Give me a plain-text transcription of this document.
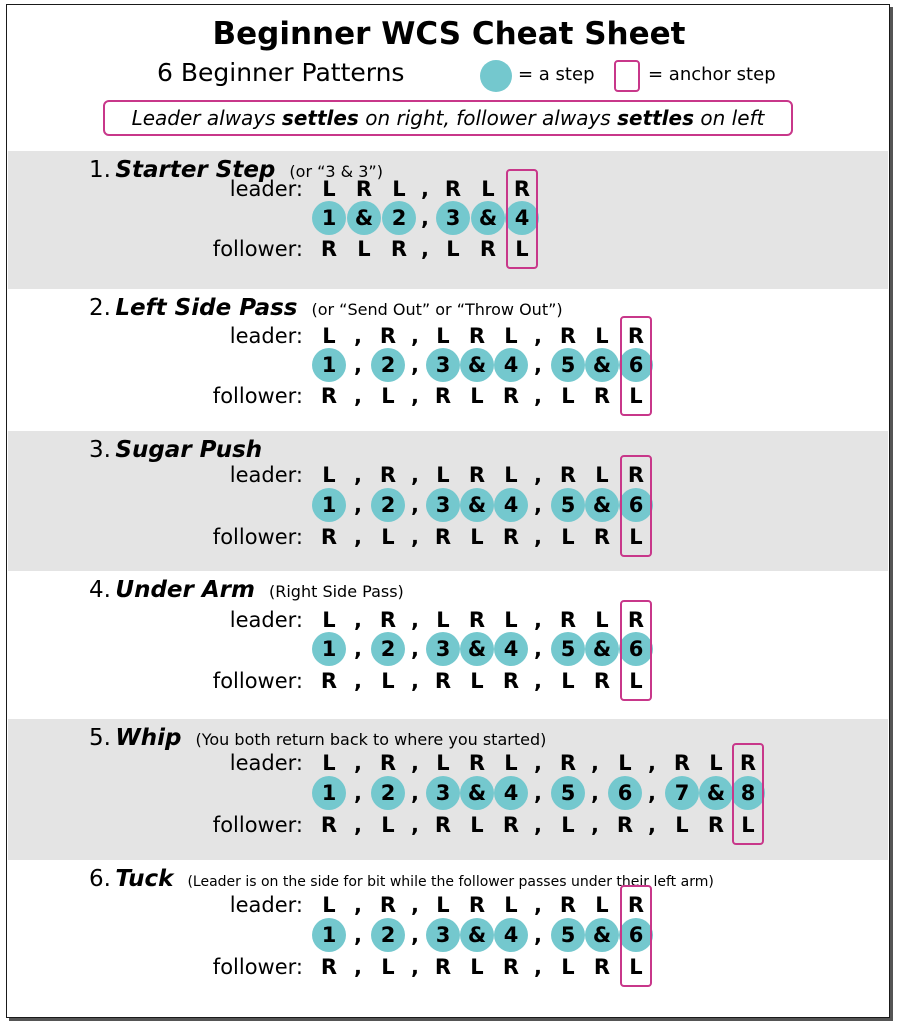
Beginner WCS Cheat Sheet
6 Beginner Patterns	= a step	= anchor step
Leader always settles on right, follower always settles on left
1. Starter Step (or “3 & 3”)
leader: L R L , R L R
1 & 2 , 3 & 4
follower: R L R , L R L
2. Left Side Pass (or “Send Out” or “Throw Out”)
leader: L , R , L R L , R L R
1 , 2 , 3 & 4 , 5 & 6
follower: R , L , R L R , L R L
3. Sugar Push
leader: L , R , L R L , R L R
1 , 2 , 3 & 4 , 5 & 6
follower: R , L , R L R , L R L
4. Under Arm (Right Side Pass)
leader: L , R , L R L , R L R
1 , 2 , 3 & 4 , 5 & 6
follower: R , L , R L R , L R L
5. Whip (You both return back to where you started)
leader: L , R , L R L , R , L , R L R
1 , 2 , 3 & 4 , 5 , 6 , 7 & 8
follower: R , L , R L R , L , R , L R L
6. Tuck (Leader is on the side for bit while the follower passes under their left arm)
leader: L , R , L R L , R L R
1 , 2 , 3 & 4 , 5 & 6
follower: R , L , R L R , L R L
